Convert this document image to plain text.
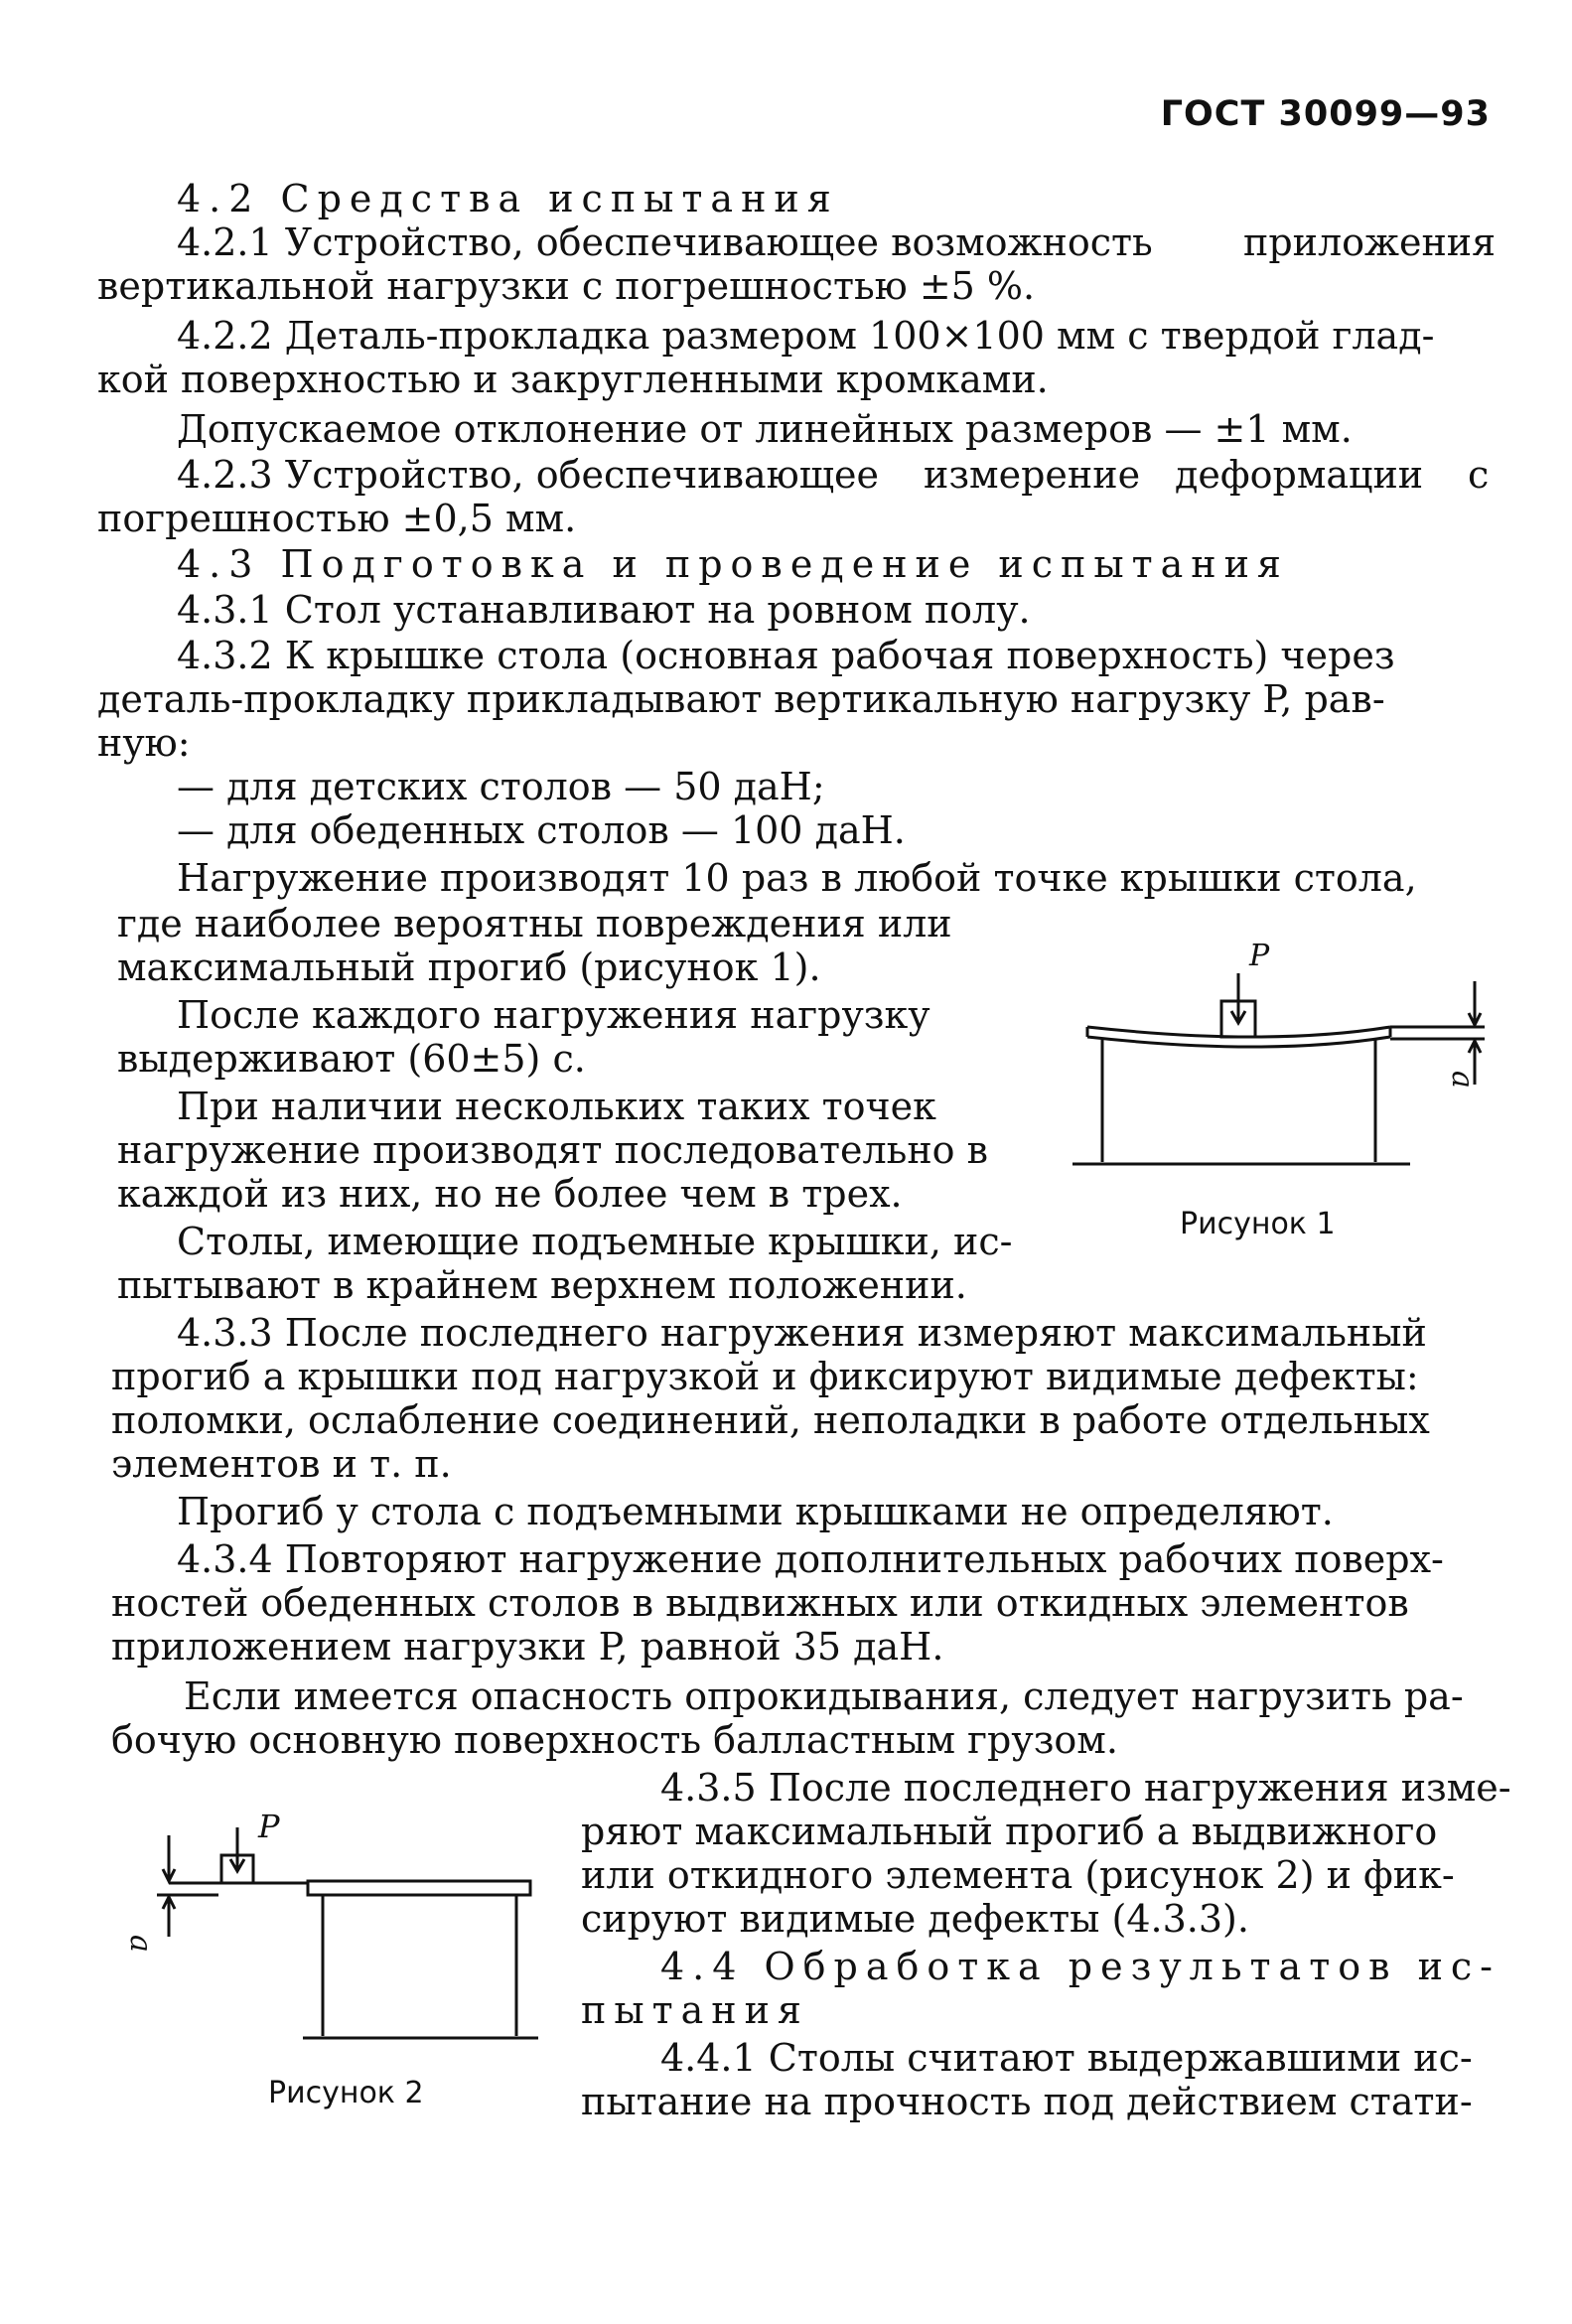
ГОСТ 30099—93
4.2 Средства испытания
4.2.1 Устройство, обеспечивающее возможность приложения
вертикальной нагрузки с погрешностью ±5 %.
4.2.2 Деталь-прокладка размером 100×100 мм с твердой глад-
кой поверхностью и закругленными кромками.
Допускаемое отклонение от линейных размеров — ±1 мм.
4.2.3 Устройство, обеспечивающее измерение деформации с
погрешностью ±0,5 мм.
4.3 Подготовка и проведение испытания
4.3.1 Стол устанавливают на ровном полу.
4.3.2 К крышке стола (основная рабочая поверхность) через
деталь-прокладку прикладывают вертикальную нагрузку P, рав-
ную:
— для детских столов — 50 даН;
— для обеденных столов — 100 даН.
Нагружение производят 10 раз в любой точке крышки стола,
где наиболее вероятны повреждения или
максимальный прогиб (рисунок 1).
После каждого нагружения нагрузку
выдерживают (60±5) с.
При наличии нескольких таких точек
нагружение производят последовательно в
каждой из них, но не более чем в трех.
Столы, имеющие подъемные крышки, ис-
пытывают в крайнем верхнем положении.
4.3.3 После последнего нагружения измеряют максимальный
прогиб a крышки под нагрузкой и фиксируют видимые дефекты:
поломки, ослабление соединений, неполадки в работе отдельных
элементов и т. п.
Прогиб у стола с подъемными крышками не определяют.
4.3.4 Повторяют нагружение дополнительных рабочих поверх-
ностей обеденных столов в выдвижных или откидных элементов
приложением нагрузки P, равной 35 даН.
Если имеется опасность опрокидывания, следует нагрузить ра-
бочую основную поверхность балластным грузом.
4.3.5 После последнего нагружения изме-
ряют максимальный прогиб a выдвижного
или откидного элемента (рисунок 2) и фик-
сируют видимые дефекты (4.3.3).
4.4 Обработка результатов ис-
пытания
4.4.1 Столы считают выдержавшими ис-
пытание на прочность под действием стати-
P
a
Рисунок 1
P
a
Рисунок 2
